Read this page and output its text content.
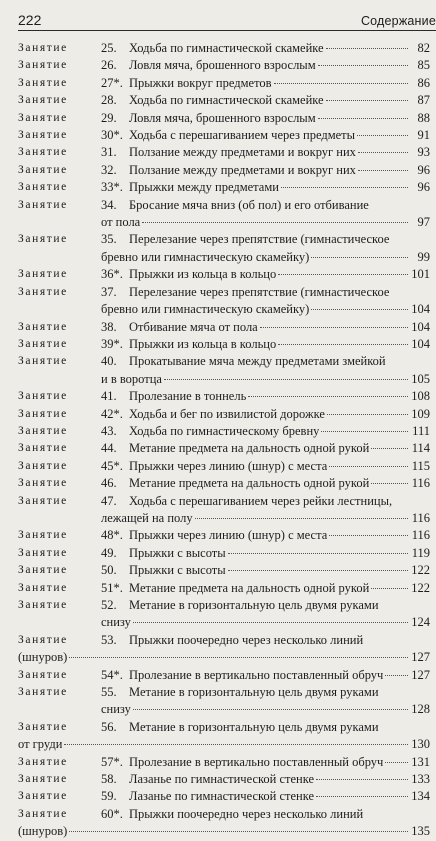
222	Содержание
Занятие	25. Ходьба по гимнастической скамейке	82
Занятие	26. Ловля мяча, брошенного взрослым	85
Занятие	27*. Прыжки вокруг предметов	86
Занятие	28. Ходьба по гимнастической скамейке	87
Занятие	29. Ловля мяча, брошенного взрослым	88
Занятие	30*. Ходьба с перешагиванием через предметы	91
Занятие	31. Ползание между предметами и вокруг них	93
Занятие	32. Ползание между предметами и вокруг них	96
Занятие	33*. Прыжки между предметами	96
Занятие	34. Бросание мяча вниз (об пол) и его отбивание
от пола	97
Занятие	35. Перелезание через препятствие (гимнастическое
бревно или гимнастическую скамейку)	99
Занятие	36*. Прыжки из кольца в кольцо	101
Занятие	37. Перелезание через препятствие (гимнастическое
бревно или гимнастическую скамейку)	104
Занятие	38. Отбивание мяча от пола	104
Занятие	39*. Прыжки из кольца в кольцо	104
Занятие	40. Прокатывание мяча между предметами змейкой
и в воротца	105
Занятие	41. Пролезание в тоннель	108
Занятие	42*. Ходьба и бег по извилистой дорожке	109
Занятие	43. Ходьба по гимнастическому бревну	111
Занятие	44. Метание предмета на дальность одной рукой	114
Занятие	45*. Прыжки через линию (шнур) с места	115
Занятие	46. Метание предмета на дальность одной рукой	116
Занятие	47. Ходьба с перешагиванием через рейки лестницы,
лежащей на полу	116
Занятие	48*. Прыжки через линию (шнур) с места	116
Занятие	49. Прыжки с высоты	119
Занятие	50. Прыжки с высоты	122
Занятие	51*. Метание предмета на дальность одной рукой	122
Занятие	52. Метание в горизонтальную цель двумя руками
снизу	124
Занятие	53. Прыжки поочередно через несколько линий
(шнуров)	127
Занятие	54*. Пролезание в вертикально поставленный обруч 127
Занятие	55. Метание в горизонтальную цель двумя руками
снизу	128
Занятие	56. Метание в горизонтальную цель двумя руками
от груди	130
Занятие	57*. Пролезание в вертикально поставленный обруч 131
Занятие	58. Лазанье по гимнастической стенке	133
Занятие	59. Лазанье по гимнастической стенке	134
Занятие	60*. Прыжки поочередно через несколько линий
(шнуров)	135
